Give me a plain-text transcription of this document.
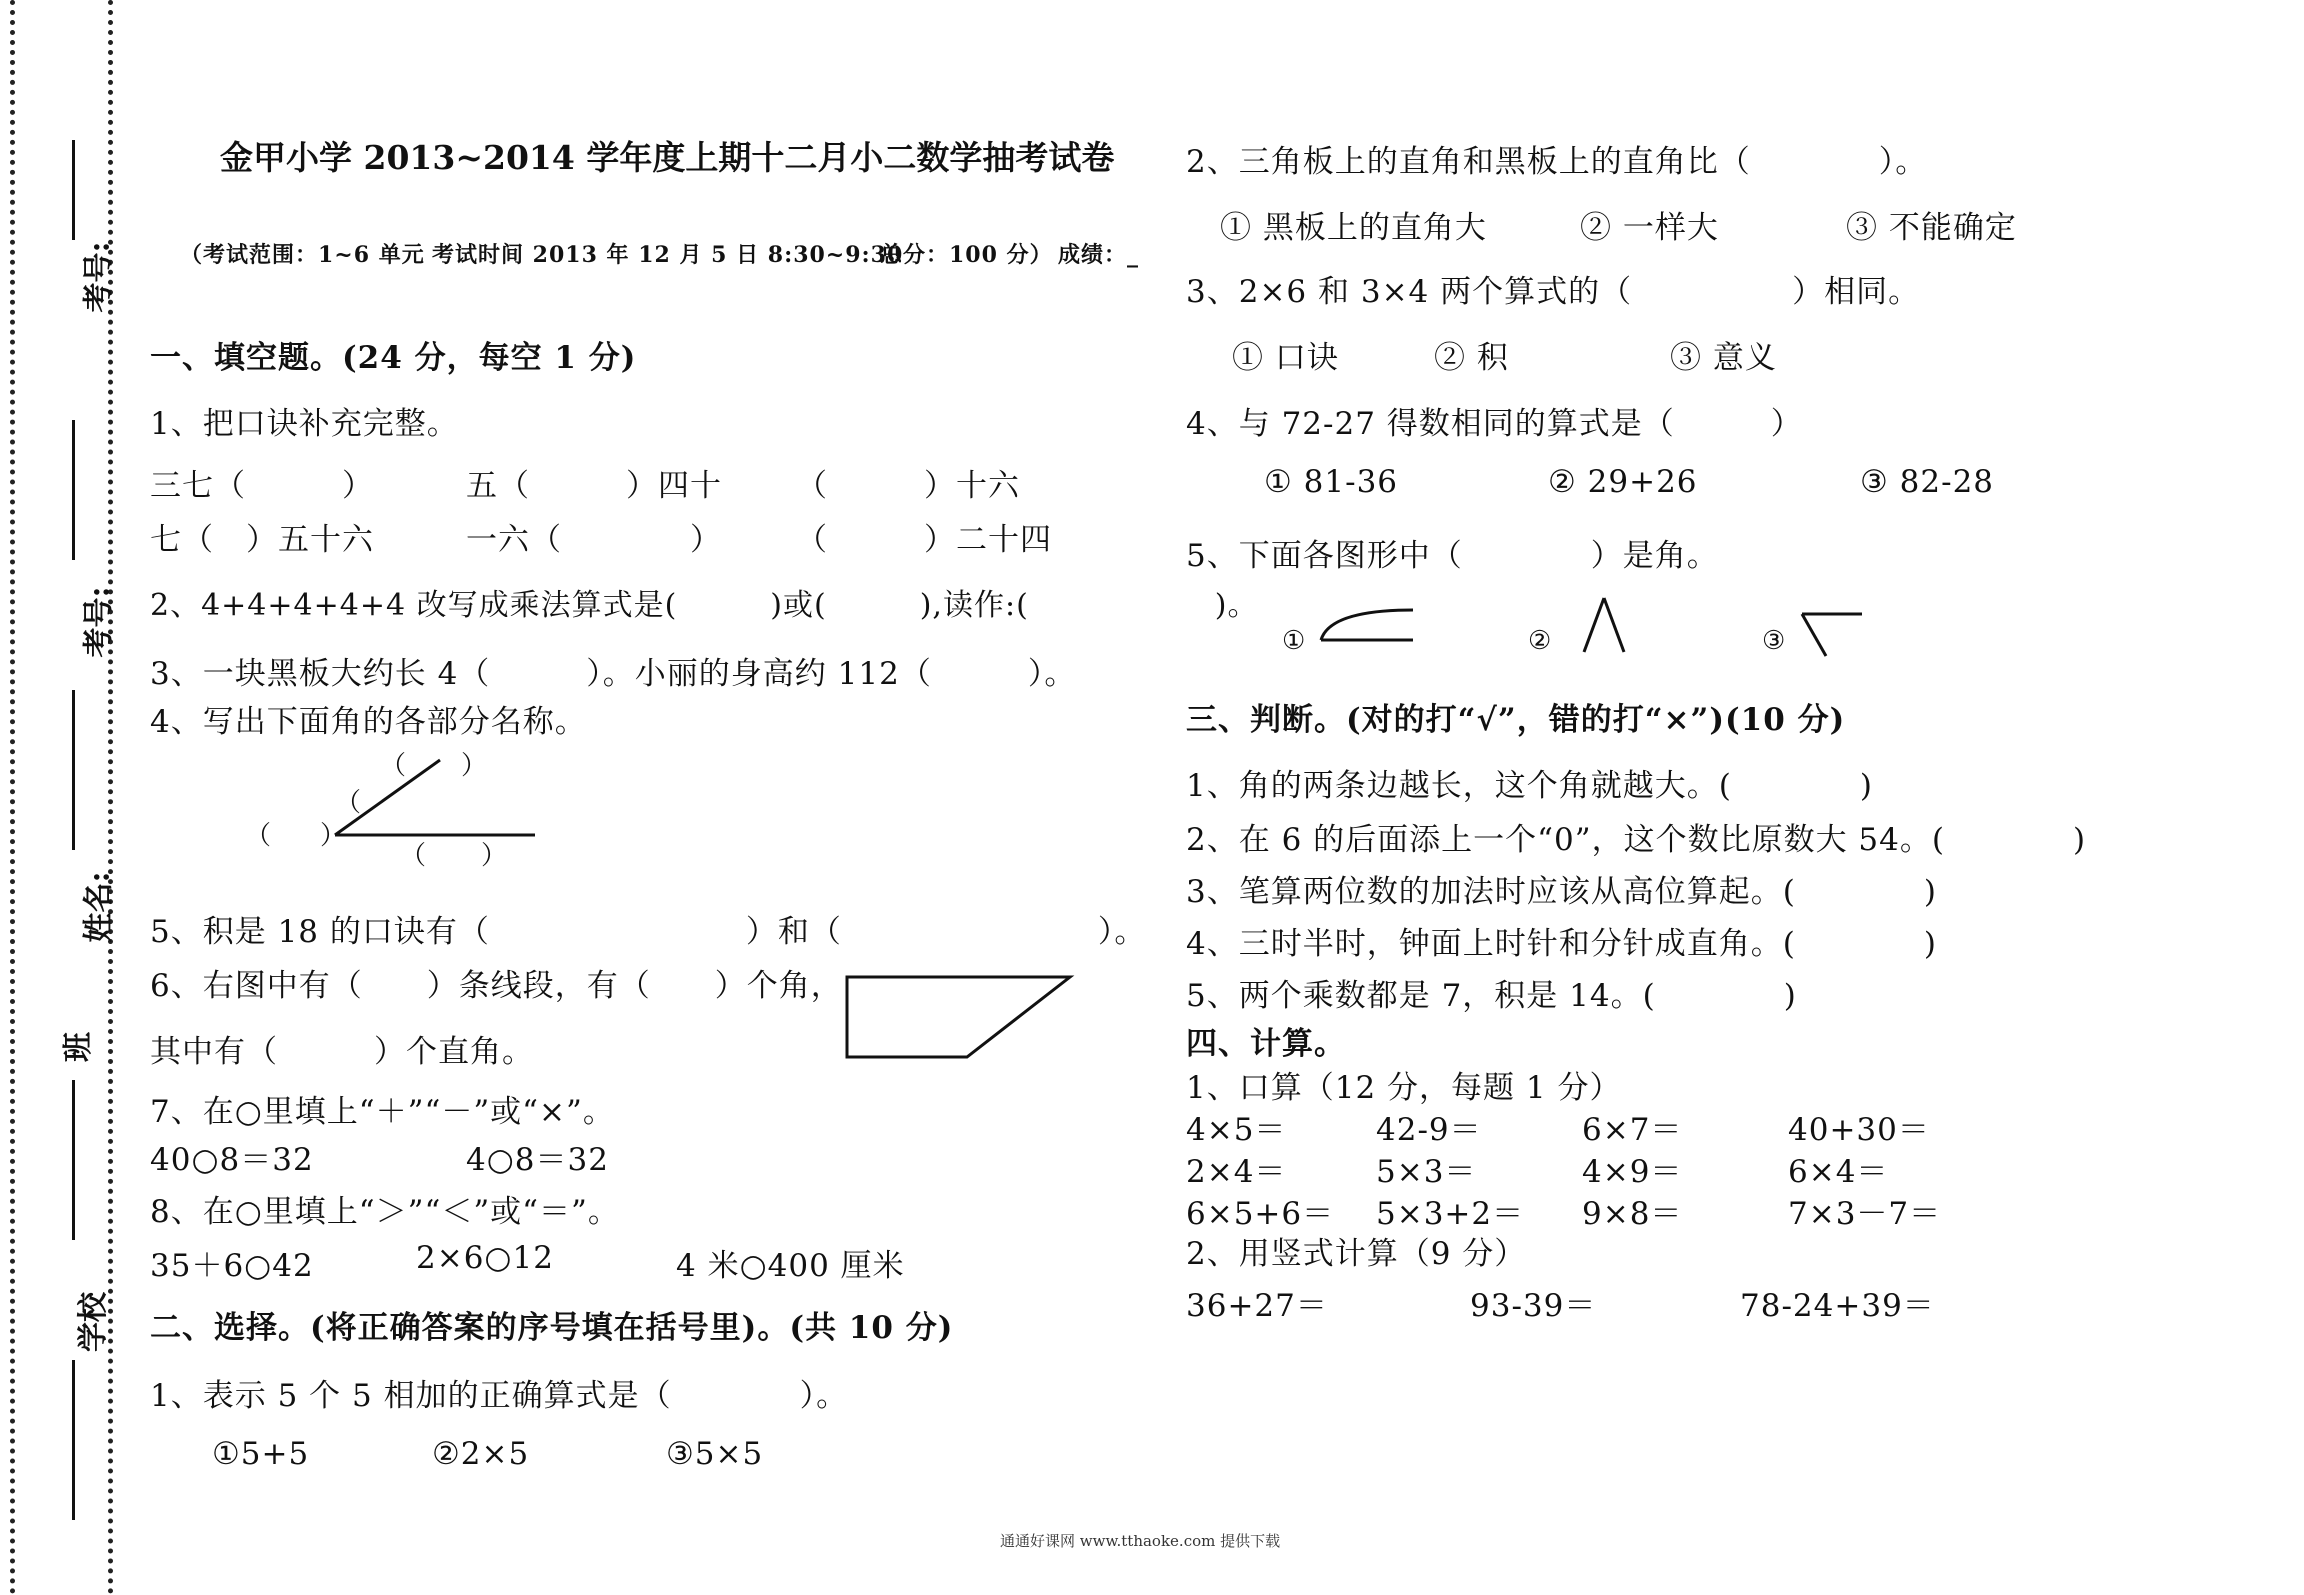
考号:
考号:
姓名:
班
学校
金甲小学 2013~2014 学年度上期十二月小二数学抽考试卷
（考试范围：1~6 单元 考试时间 2013 年 12 月 5 日 8:30~9:30
总分：100 分） 成绩：_
一、填空题。(24 分，每空 1 分)
1、把口诀补充完整。
三七（　　　）	五（　　　）四十 （　　　）十六
七（　）五十六	一六（　　　　） （　　　）二十四
2、4+4+4+4+4 改写成乘法算式是(　　　)或(　　　),读作:(　　　　　　)。
3、一块黑板大约长 4（　　　）。小丽的身高约 112（　　　）。
4、写出下面角的各部分名称。
（　　）
（
）
（
（　　）
5、积是 18 的口诀有（　　　　　　　　）和（　　　　　　　　）。
6、右图中有（　　）条线段，有（　　）个角，
其中有（　　　）个直角。
7、在○里填上“＋”“－”或“×”。
40○8＝32	4○8＝32
8、在○里填上“＞”“＜”或“＝”。
35＋6○42	2×6○12	4 米○400 厘米
二、选择。(将正确答案的序号填在括号里)。(共 10 分)
1、表示 5 个 5 相加的正确算式是（　　　　）。
①5+5	②2×5	③5×5
2、三角板上的直角和黑板上的直角比（　　　　）。
① 黑板上的直角大	② 一样大	③ 不能确定
3、2×6 和 3×4 两个算式的（　　　　　）相同。
① 口诀	② 积	③ 意义
4、与 72-27 得数相同的算式是（　　　）
① 81-36	② 29+26	③ 82-28
5、下面各图形中（　　　　）是角。
①	②	③
三、判断。(对的打“√”，错的打“×”)(10 分)
1、角的两条边越长，这个角就越大。(　　　　)
2、在 6 的后面添上一个“0”，这个数比原数大 54。(　　　　)
3、笔算两位数的加法时应该从高位算起。(　　　　)
4、三时半时，钟面上时针和分针成直角。(　　　　)
5、两个乘数都是 7，积是 14。(　　　　)
四、计算。
1、口算（12 分，每题 1 分）
4×5＝	42-9＝	6×7＝	40+30＝
2×4＝	5×3＝	4×9＝	6×4＝
6×5+6＝ 5×3+2＝ 9×8＝	7×3－7＝
2、用竖式计算（9 分）
36+27＝	93-39＝	78-24+39＝
通通好课网 www.tthaoke.com 提供下载
